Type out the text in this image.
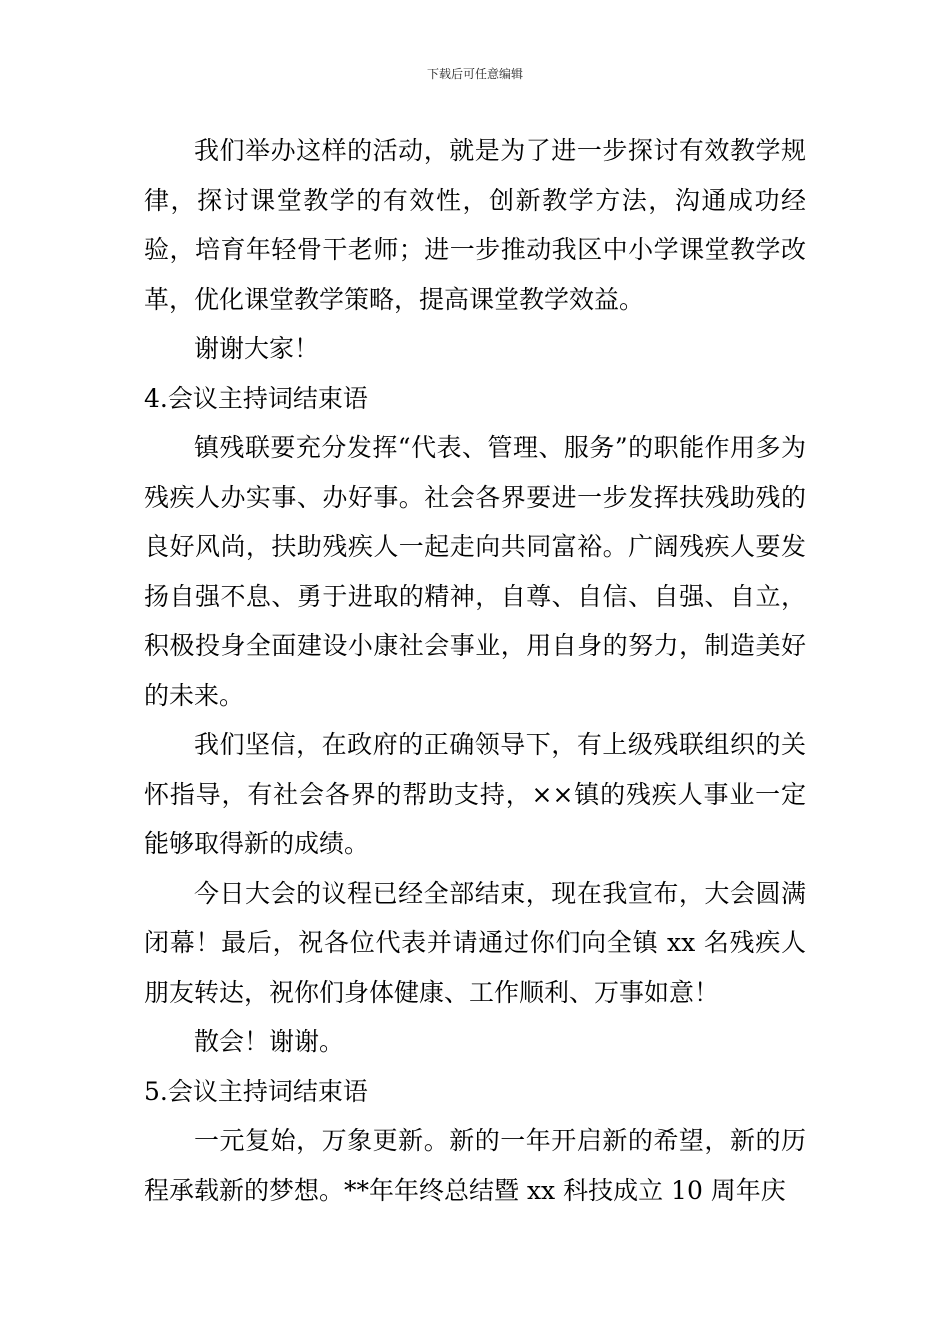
下载后可任意编辑

我们举办这样的活动，就是为了进一步探讨有效教学规律，探讨课堂教学的有效性，创新教学方法，沟通成功经验，培育年轻骨干老师；进一步推动我区中小学课堂教学改革，优化课堂教学策略，提高课堂教学效益。

谢谢大家！

4.会议主持词结束语

镇残联要充分发挥“代表、管理、服务”的职能作用多为残疾人办实事、办好事。社会各界要进一步发挥扶残助残的良好风尚，扶助残疾人一起走向共同富裕。广阔残疾人要发扬自强不息、勇于进取的精神，自尊、自信、自强、自立，积极投身全面建设小康社会事业，用自身的努力，制造美好的未来。

我们坚信，在政府的正确领导下，有上级残联组织的关怀指导，有社会各界的帮助支持，××镇的残疾人事业一定能够取得新的成绩。

今日大会的议程已经全部结束，现在我宣布，大会圆满闭幕！最后，祝各位代表并请通过你们向全镇 xx 名残疾人朋友转达，祝你们身体健康、工作顺利、万事如意！

散会！谢谢。

5.会议主持词结束语

一元复始，万象更新。新的一年开启新的希望，新的历程承载新的梦想。**年年终总结暨 xx 科技成立 10 周年庆
